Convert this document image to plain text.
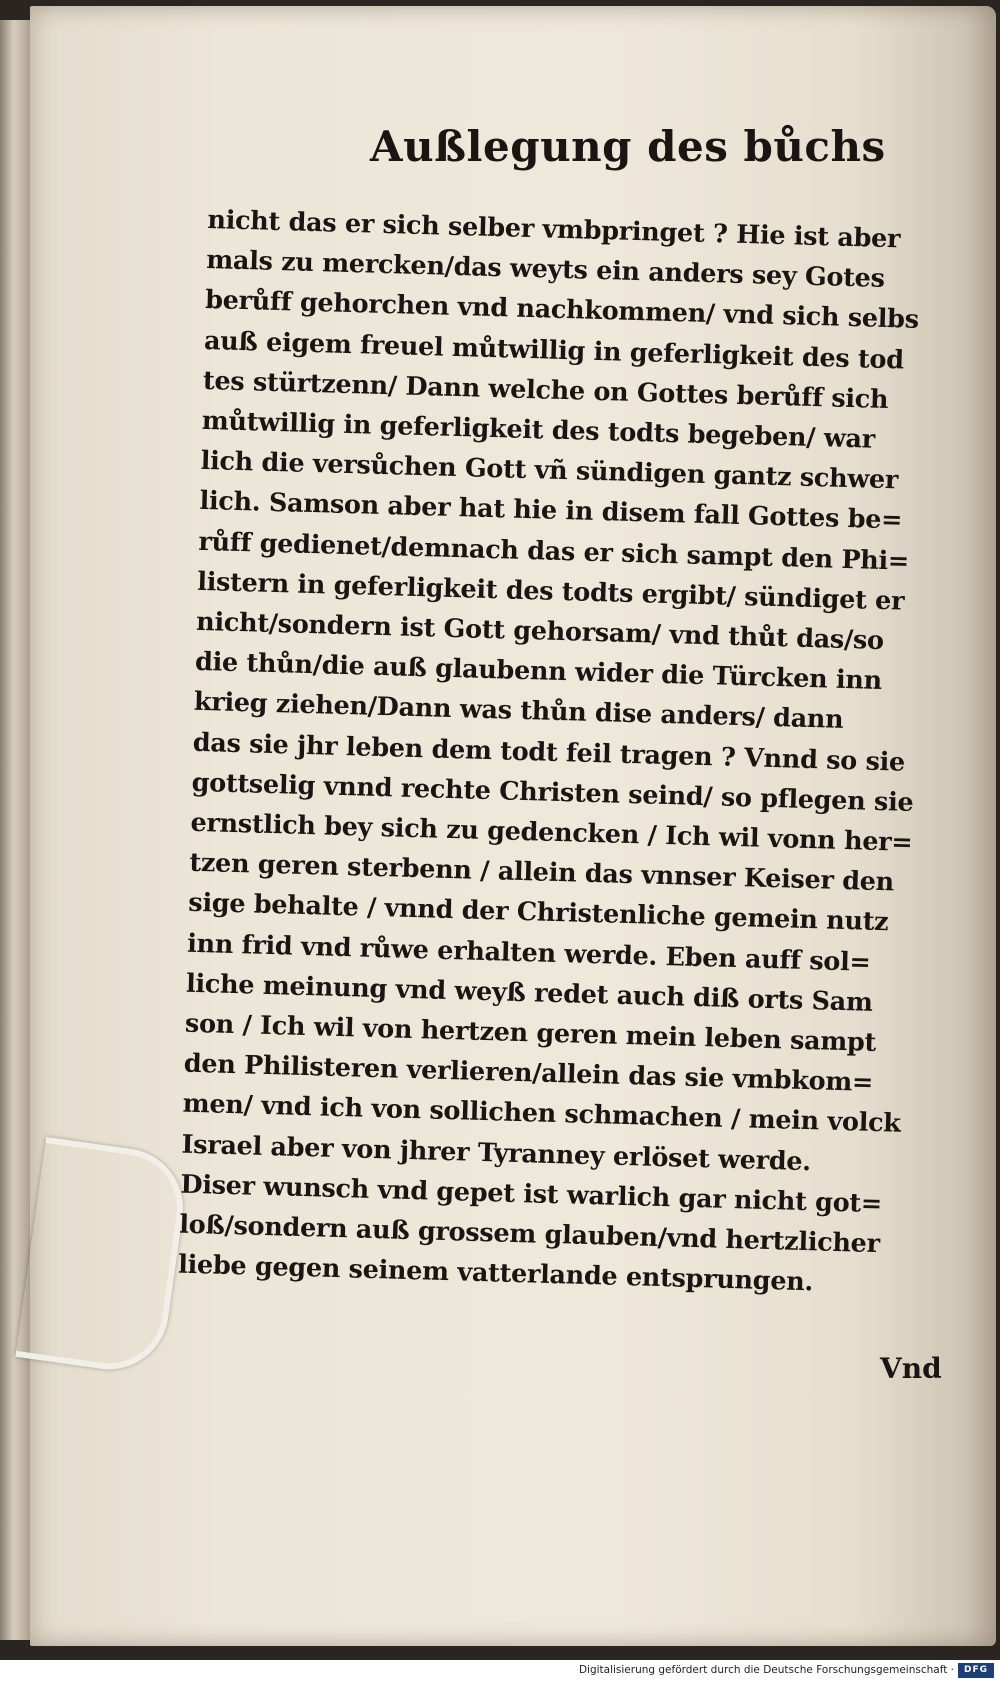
Außlegung des bůchs
nicht das er sich selber vmbpringet ? Hie ist aber
mals zu mercken/das weyts ein anders sey Gotes
berůff gehorchen vnd nachkommen/ vnd sich selbs
auß eigem freuel můtwillig in geferligkeit des tod
tes stürtzenn/ Dann welche on Gottes berůff sich
můtwillig in geferligkeit des todts begeben/ war
lich die versůchen Gott vñ sündigen gantz schwer
lich. Samson aber hat hie in disem fall Gottes be=
růff gedienet/demnach das er sich sampt den Phi=
listern in geferligkeit des todts ergibt/ sündiget er
nicht/sondern ist Gott gehorsam/ vnd thůt das/so
die thůn/die auß glaubenn wider die Türcken inn
krieg ziehen/Dann was thůn dise anders/ dann
das sie jhr leben dem todt feil tragen ? Vnnd so sie
gottselig vnnd rechte Christen seind/ so pflegen sie
ernstlich bey sich zu gedencken / Ich wil vonn her=
tzen geren sterbenn / allein das vnnser Keiser den
sige behalte / vnnd der Christenliche gemein nutz
inn frid vnd růwe erhalten werde. Eben auff sol=
liche meinung vnd weyß redet auch diß orts Sam
son / Ich wil von hertzen geren mein leben sampt
den Philisteren verlieren/allein das sie vmbkom=
men/ vnd ich von sollichen schmachen / mein volck
Israel aber von jhrer Tyranney erlöset werde.
Diser wunsch vnd gepet ist warlich gar nicht got=
loß/sondern auß grossem glauben/vnd hertzlicher
liebe gegen seinem vatterlande entsprungen.
Vnd
Digitalisierung gefördert durch die Deutsche Forschungsgemeinschaft ·	DFG
